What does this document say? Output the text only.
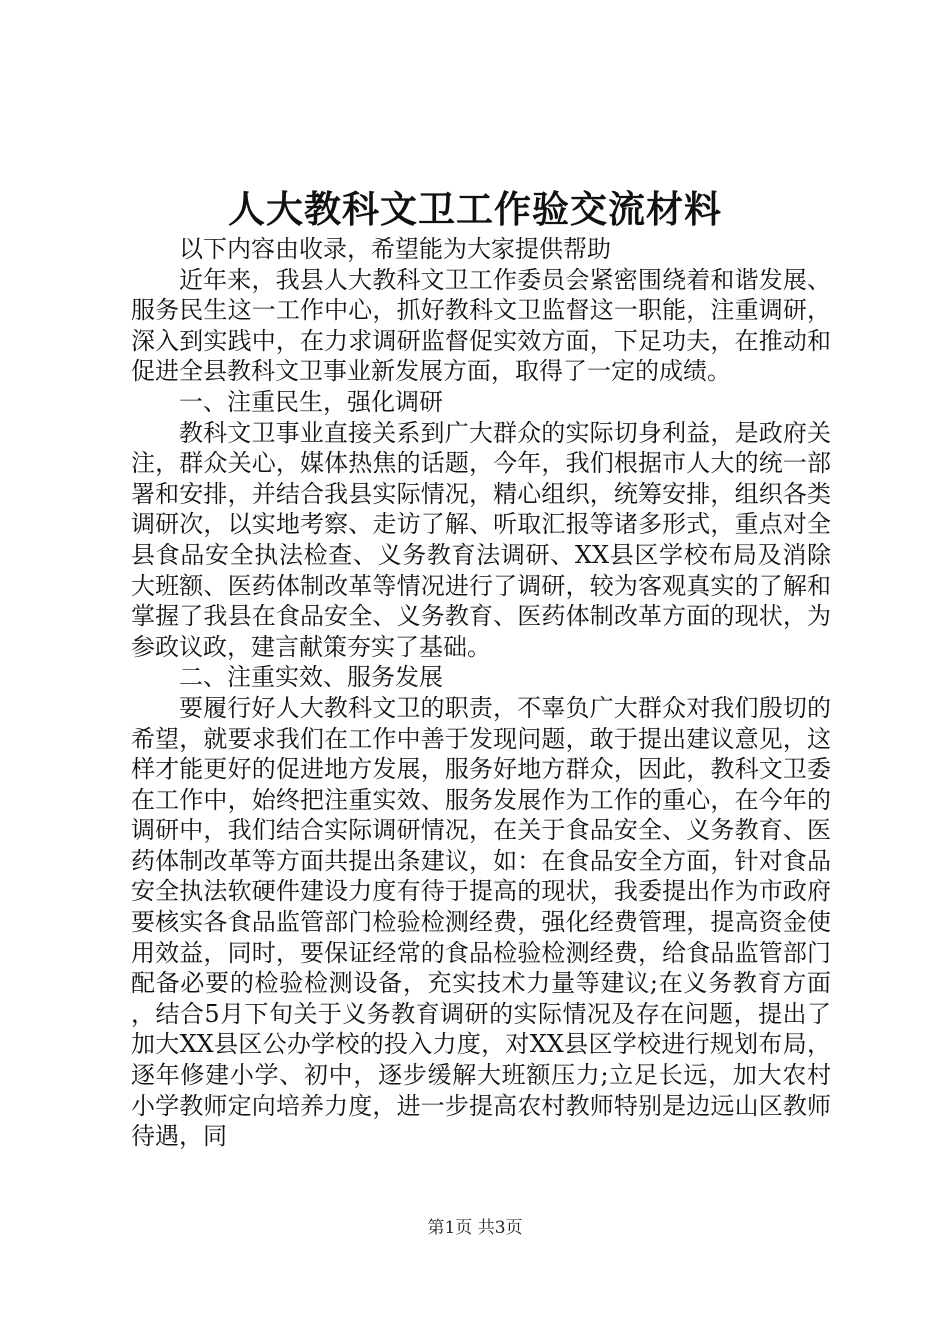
人大教科文卫工作验交流材料

以下内容由收录，希望能为大家提供帮助

近年来，我县人大教科文卫工作委员会紧密围绕着和谐发展、服务民生这一工作中心，抓好教科文卫监督这一职能，注重调研，深入到实践中，在力求调研监督促实效方面，下足功夫，在推动和促进全县教科文卫事业新发展方面，取得了一定的成绩。

一、注重民生，强化调研

教科文卫事业直接关系到广大群众的实际切身利益，是政府关注，群众关心，媒体热焦的话题，今年，我们根据市人大的统一部署和安排，并结合我县实际情况，精心组织，统筹安排，组织各类调研次，以实地考察、走访了解、听取汇报等诸多形式，重点对全县食品安全执法检查、义务教育法调研、XX县区学校布局及消除大班额、医药体制改革等情况进行了调研，较为客观真实的了解和掌握了我县在食品安全、义务教育、医药体制改革方面的现状，为参政议政，建言献策夯实了基础。

二、注重实效、服务发展

要履行好人大教科文卫的职责，不辜负广大群众对我们殷切的希望，就要求我们在工作中善于发现问题，敢于提出建议意见，这样才能更好的促进地方发展，服务好地方群众，因此，教科文卫委在工作中，始终把注重实效、服务发展作为工作的重心，在今年的调研中，我们结合实际调研情况，在关于食品安全、义务教育、医药体制改革等方面共提出条建议，如：在食品安全方面，针对食品安全执法软硬件建设力度有待于提高的现状，我委提出作为市政府要核实各食品监管部门检验检测经费，强化经费管理，提高资金使用效益，同时，要保证经常的食品检验检测经费，给食品监管部门配备必要的检验检测设备，充实技术力量等建议;在义务教育方面，结合5月下旬关于义务教育调研的实际情况及存在问题，提出了加大XX县区公办学校的投入力度，对XX县区学校进行规划布局，逐年修建小学、初中，逐步缓解大班额压力;立足长远，加大农村小学教师定向培养力度，进一步提高农村教师特别是边远山区教师待遇，同

第1页 共3页
